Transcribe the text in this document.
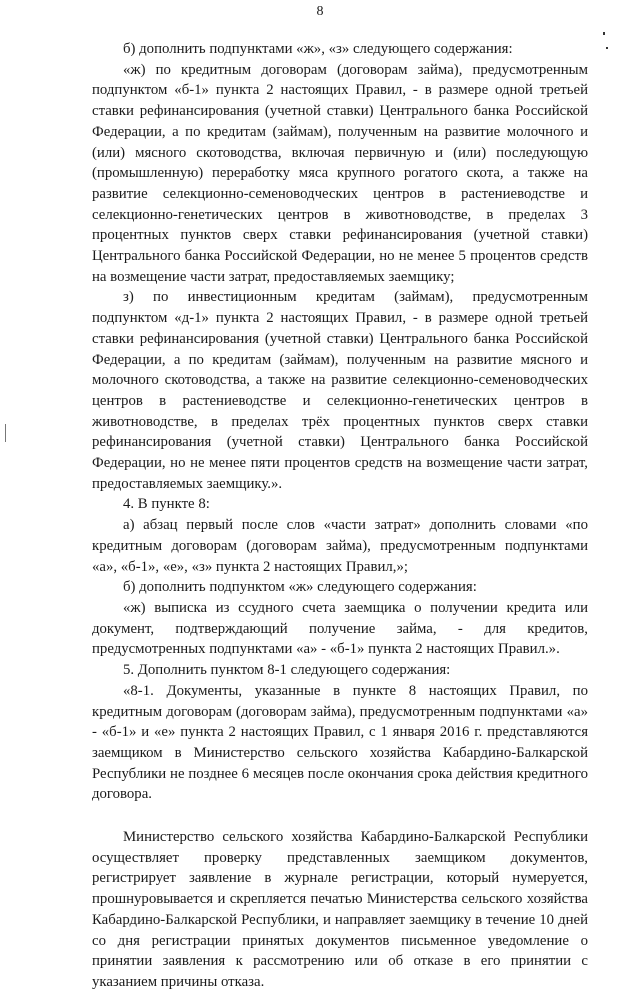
8

б) дополнить подпунктами «ж», «з» следующего содержания:

«ж) по кредитным договорам (договорам займа), предусмотренным подпунктом «б-1» пункта 2 настоящих Правил, - в размере одной третьей ставки рефинансирования (учетной ставки) Центрального банка Российской Федерации, а по кредитам (займам), полученным на развитие молочного и (или) мясного скотоводства, включая первичную и (или) последующую (промышленную) переработку мяса крупного рогатого скота, а также на развитие селекционно-семеноводческих центров в растениеводстве и селекционно-генетических центров в животноводстве, в пределах 3 процентных пунктов сверх ставки рефинансирования (учетной ставки) Центрального банка Российской Федерации, но не менее 5 процентов средств на возмещение части затрат, предоставляемых заемщику;

з) по инвестиционным кредитам (займам), предусмотренным подпунктом «д-1» пункта 2 настоящих Правил, - в размере одной третьей ставки рефинансирования (учетной ставки) Центрального банка Российской Федерации, а по кредитам (займам), полученным на развитие мясного и молочного скотоводства, а также на развитие селекционно-семеноводческих центров в растениеводстве и селекционно-генетических центров в животноводстве, в пределах трёх процентных пунктов сверх ставки рефинансирования (учетной ставки) Центрального банка Российской Федерации, но не менее пяти процентов средств на возмещение части затрат, предоставляемых заемщику.».

4. В пункте 8:

а) абзац первый после слов «части затрат» дополнить словами «по кредитным договорам (договорам займа), предусмотренным подпунктами «а», «б-1», «е», «з» пункта 2 настоящих Правил,»;

б) дополнить подпунктом «ж» следующего содержания:

«ж) выписка из ссудного счета заемщика о получении кредита или документ, подтверждающий получение займа, - для кредитов, предусмотренных подпунктами «а» - «б-1» пункта 2 настоящих Правил.».

5. Дополнить пунктом 8-1 следующего содержания:

«8-1. Документы, указанные в пункте 8 настоящих Правил, по кредитным договорам (договорам займа), предусмотренным подпунктами «а» - «б-1» и «е» пункта 2 настоящих Правил, с 1 января 2016 г. представляются заемщиком в Министерство сельского хозяйства Кабардино-Балкарской Республики не позднее 6 месяцев после окончания срока действия кредитного договора.

Министерство сельского хозяйства Кабардино-Балкарской Республики осуществляет проверку представленных заемщиком документов, регистрирует заявление в журнале регистрации, который нумеруется, прошнуровывается и скрепляется печатью Министерства сельского хозяйства Кабардино-Балкарской Республики, и направляет заемщику в течение 10 дней со дня регистрации принятых документов письменное уведомление о принятии заявления к рассмотрению или об отказе в его принятии с указанием причины отказа.
